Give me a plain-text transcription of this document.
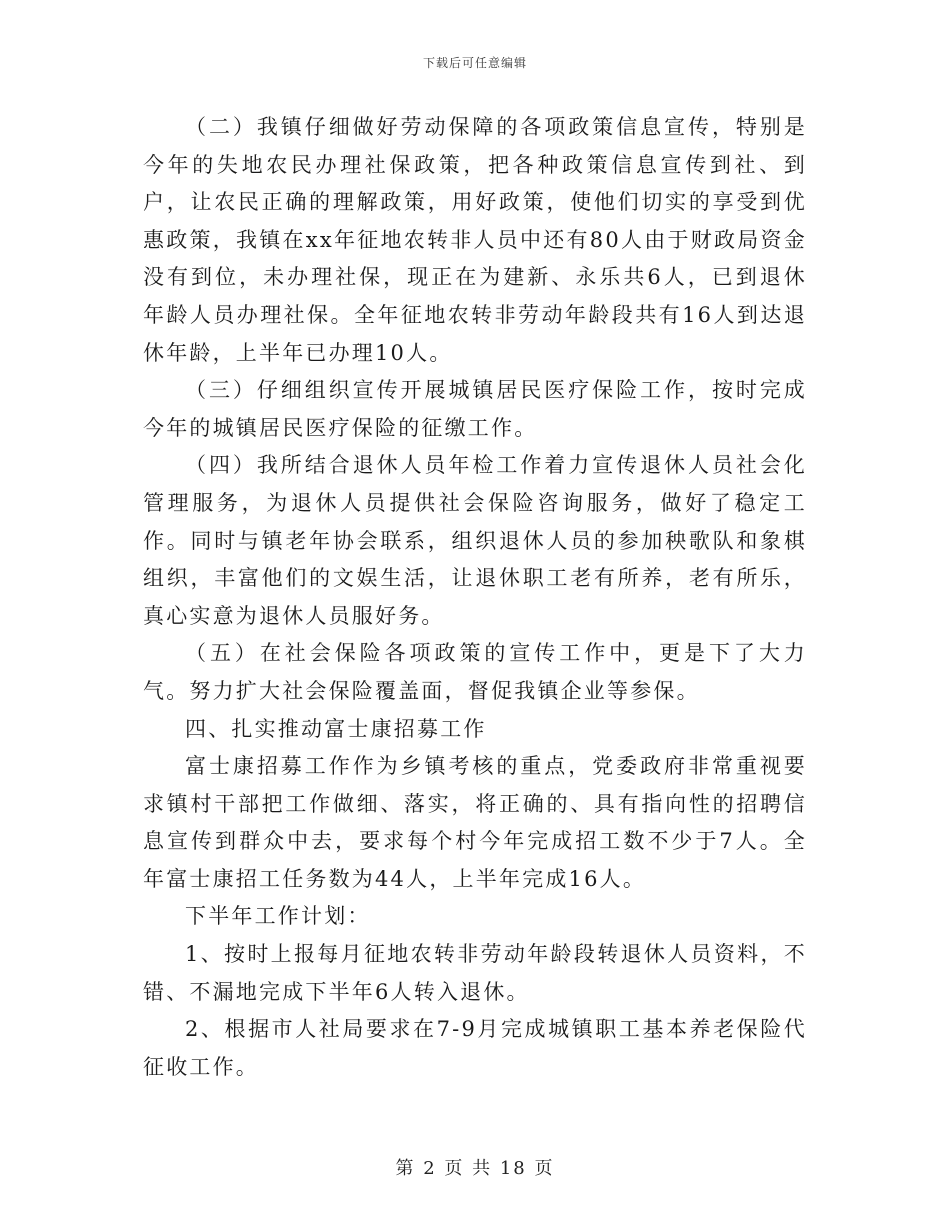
下载后可任意编辑

（二）我镇仔细做好劳动保障的各项政策信息宣传，特别是今年的失地农民办理社保政策，把各种政策信息宣传到社、到户，让农民正确的理解政策，用好政策，使他们切实的享受到优惠政策，我镇在xx年征地农转非人员中还有80人由于财政局资金没有到位，未办理社保，现正在为建新、永乐共6人，已到退休年龄人员办理社保。全年征地农转非劳动年龄段共有16人到达退休年龄，上半年已办理10人。

（三）仔细组织宣传开展城镇居民医疗保险工作，按时完成今年的城镇居民医疗保险的征缴工作。

（四）我所结合退休人员年检工作着力宣传退休人员社会化管理服务，为退休人员提供社会保险咨询服务，做好了稳定工作。同时与镇老年协会联系，组织退休人员的参加秧歌队和象棋组织，丰富他们的文娱生活，让退休职工老有所养，老有所乐，真心实意为退休人员服好务。

（五）在社会保险各项政策的宣传工作中，更是下了大力气。努力扩大社会保险覆盖面，督促我镇企业等参保。

四、扎实推动富士康招募工作

富士康招募工作作为乡镇考核的重点，党委政府非常重视要求镇村干部把工作做细、落实，将正确的、具有指向性的招聘信息宣传到群众中去，要求每个村今年完成招工数不少于7人。全年富士康招工任务数为44人，上半年完成16人。

下半年工作计划：

1、按时上报每月征地农转非劳动年龄段转退休人员资料，不错、不漏地完成下半年6人转入退休。

2、根据市人社局要求在7-9月完成城镇职工基本养老保险代征收工作。

第 2 页 共 18 页
